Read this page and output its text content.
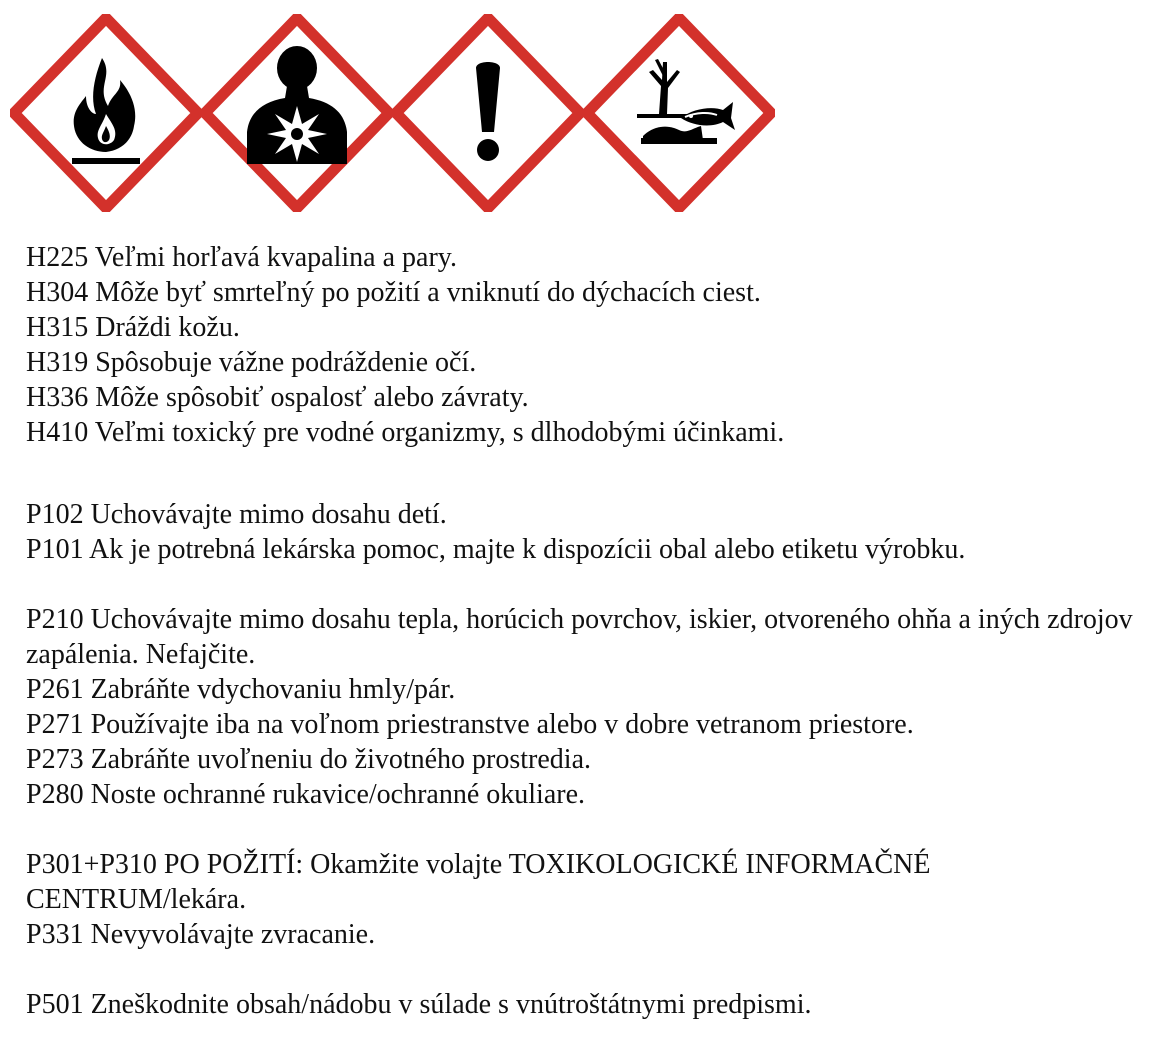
H225 Veľmi horľavá kvapalina a pary.
H304 Môže byť smrteľný po požití a vniknutí do dýchacích ciest.
H315 Dráždi kožu.
H319 Spôsobuje vážne podráždenie očí.
H336 Môže spôsobiť ospalosť alebo závraty.
H410 Veľmi toxický pre vodné organizmy, s dlhodobými účinkami.
P102 Uchovávajte mimo dosahu detí.
P101 Ak je potrebná lekárska pomoc, majte k dispozícii obal alebo etiketu výrobku.
P210 Uchovávajte mimo dosahu tepla, horúcich povrchov, iskier, otvoreného ohňa a iných zdrojov zapálenia. Nefajčite.
P261 Zabráňte vdychovaniu hmly/pár.
P271 Používajte iba na voľnom priestranstve alebo v dobre vetranom priestore.
P273 Zabráňte uvoľneniu do životného prostredia.
P280 Noste ochranné rukavice/ochranné okuliare.
P301+P310 PO POŽITÍ: Okamžite volajte TOXIKOLOGICKÉ INFORMAČNÉ CENTRUM/lekára.
P331 Nevyvolávajte zvracanie.
P501 Zneškodnite obsah/nádobu v súlade s vnútroštátnymi predpismi.
